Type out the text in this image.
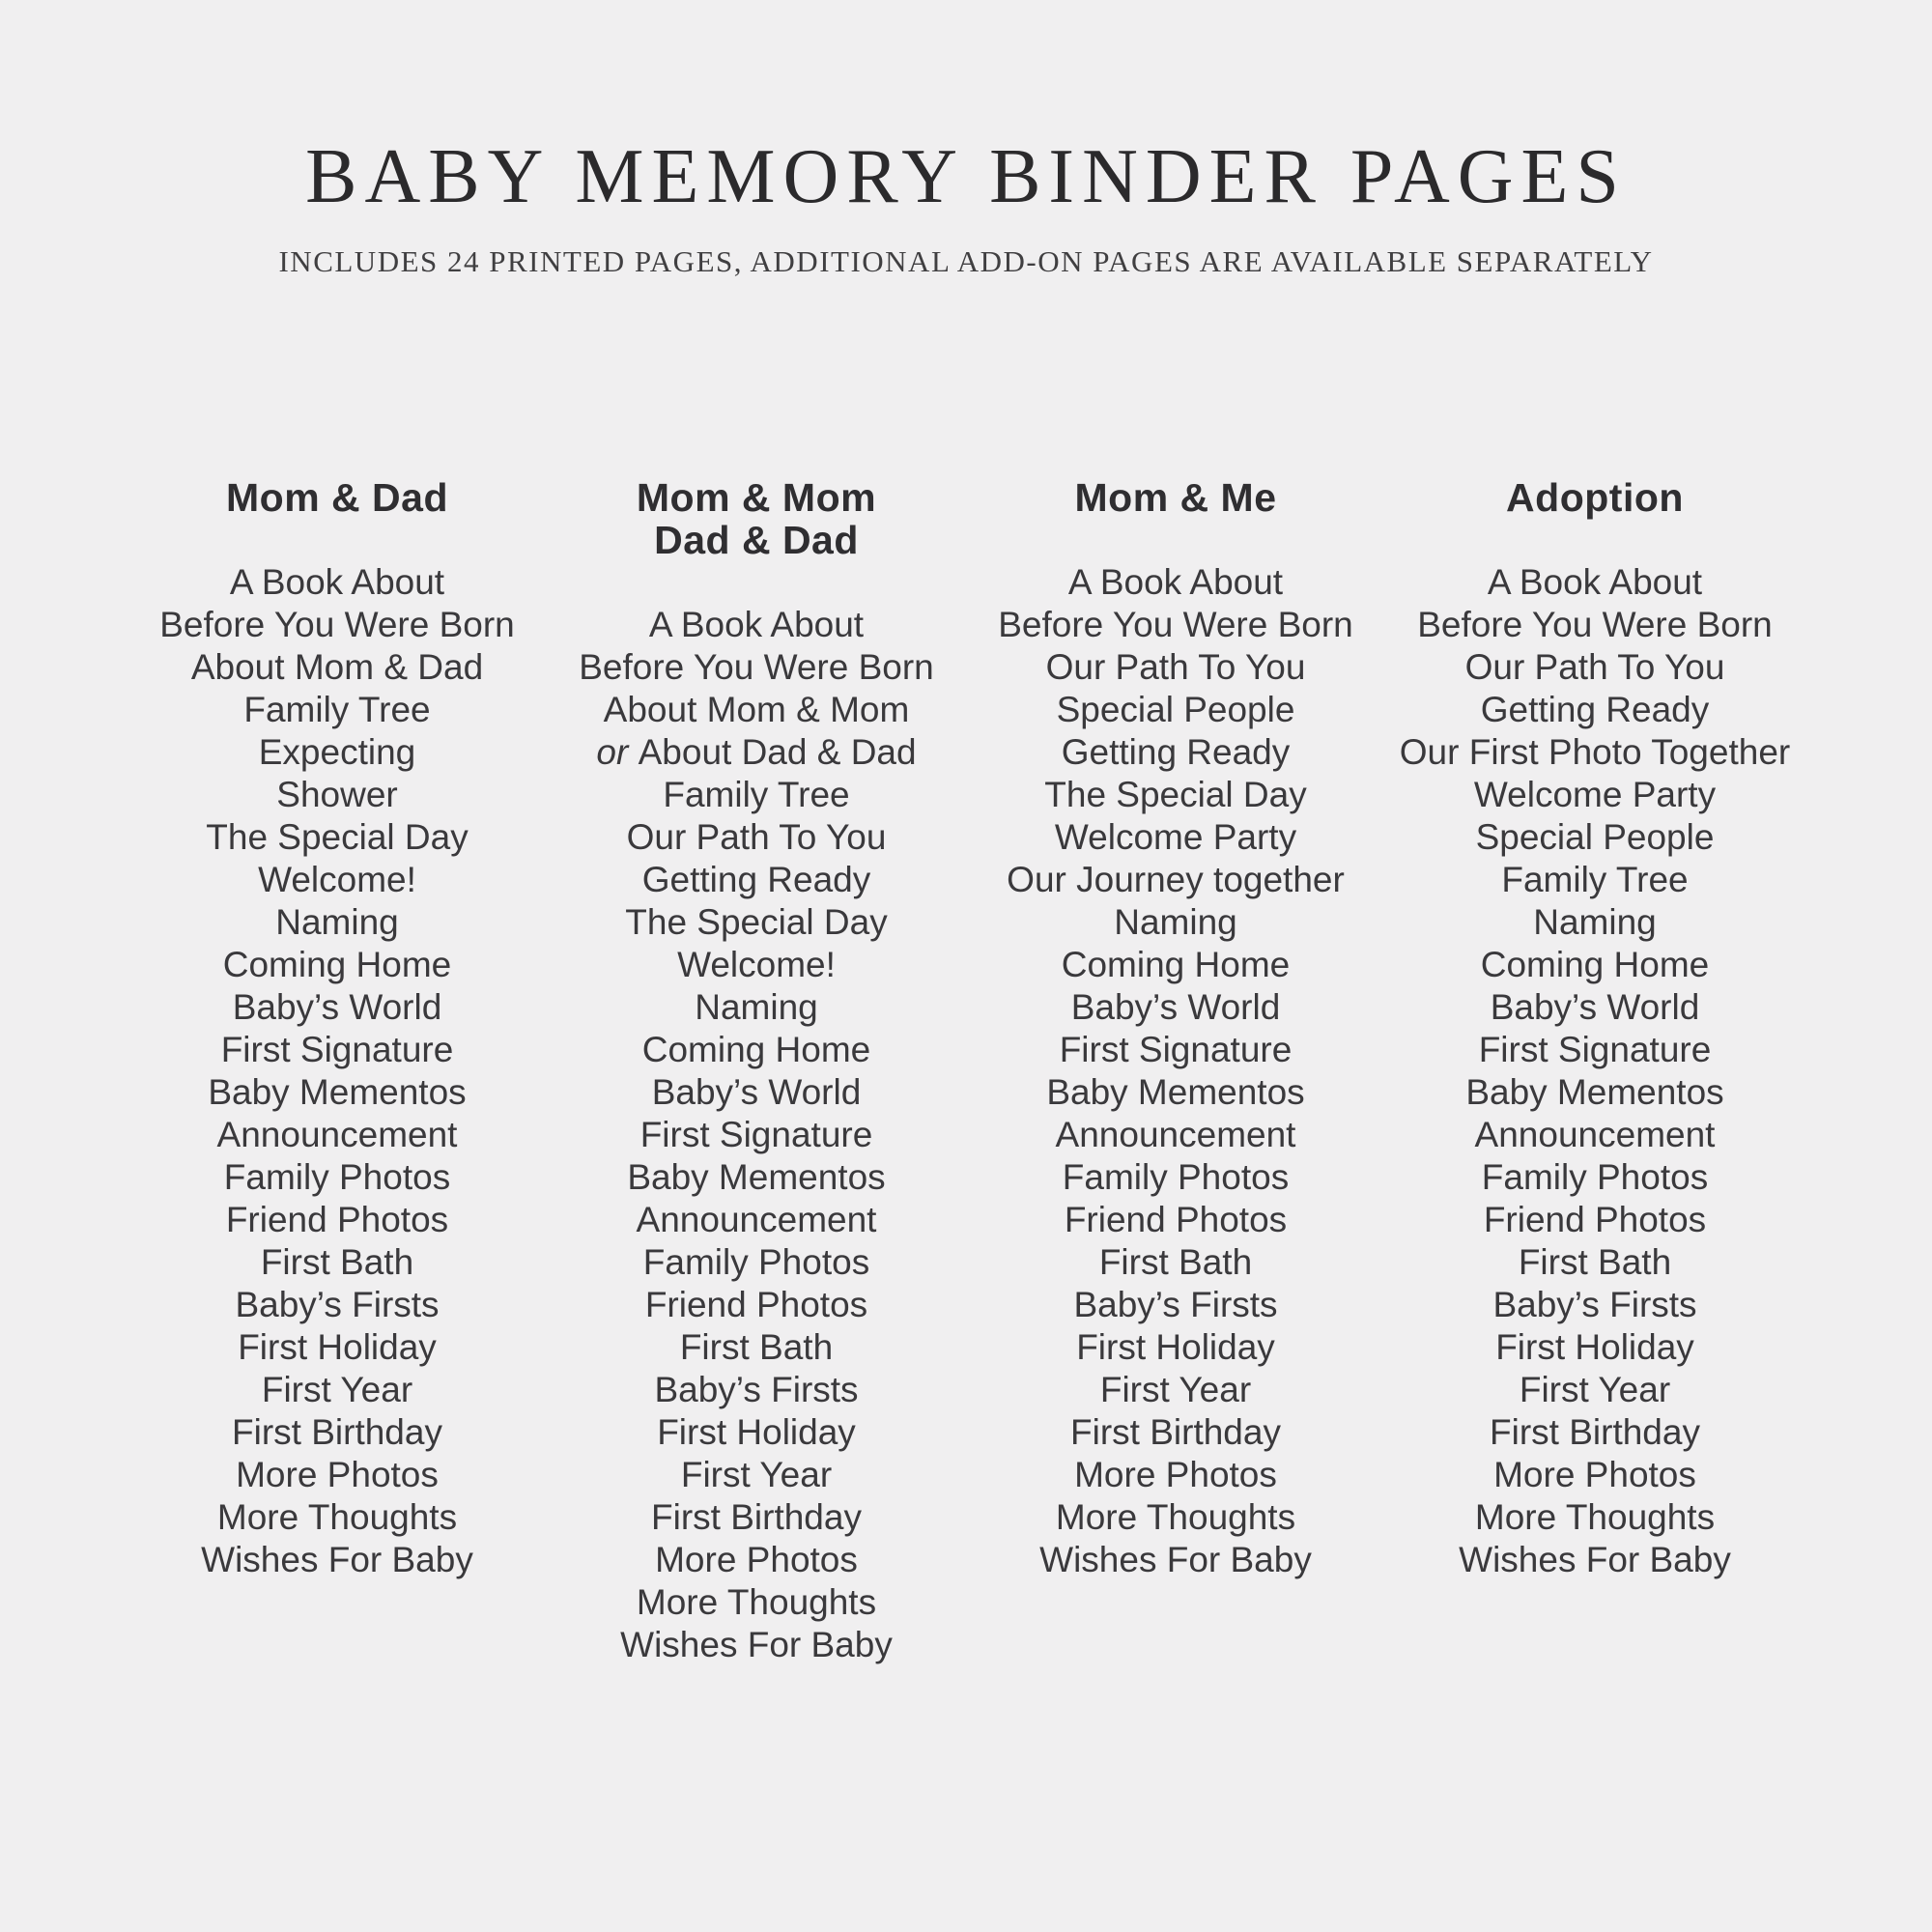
BABY MEMORY BINDER PAGES
INCLUDES 24 PRINTED PAGES, ADDITIONAL ADD-ON PAGES ARE AVAILABLE SEPARATELY
Mom & Dad
A Book About
Before You Were Born
About Mom & Dad
Family Tree
Expecting
Shower
The Special Day
Welcome!
Naming
Coming Home
Baby’s World
First Signature
Baby Mementos
Announcement
Family Photos
Friend Photos
First Bath
Baby’s Firsts
First Holiday
First Year
First Birthday
More Photos
More Thoughts
Wishes For Baby
Mom & Mom
Dad & Dad
A Book About
Before You Were Born
About Mom & Mom
or About Dad & Dad
Family Tree
Our Path To You
Getting Ready
The Special Day
Welcome!
Naming
Coming Home
Baby’s World
First Signature
Baby Mementos
Announcement
Family Photos
Friend Photos
First Bath
Baby’s Firsts
First Holiday
First Year
First Birthday
More Photos
More Thoughts
Wishes For Baby
Mom & Me
A Book About
Before You Were Born
Our Path To You
Special People
Getting Ready
The Special Day
Welcome Party
Our Journey together
Naming
Coming Home
Baby’s World
First Signature
Baby Mementos
Announcement
Family Photos
Friend Photos
First Bath
Baby’s Firsts
First Holiday
First Year
First Birthday
More Photos
More Thoughts
Wishes For Baby
Adoption
A Book About
Before You Were Born
Our Path To You
Getting Ready
Our First Photo Together
Welcome Party
Special People
Family Tree
Naming
Coming Home
Baby’s World
First Signature
Baby Mementos
Announcement
Family Photos
Friend Photos
First Bath
Baby’s Firsts
First Holiday
First Year
First Birthday
More Photos
More Thoughts
Wishes For Baby
